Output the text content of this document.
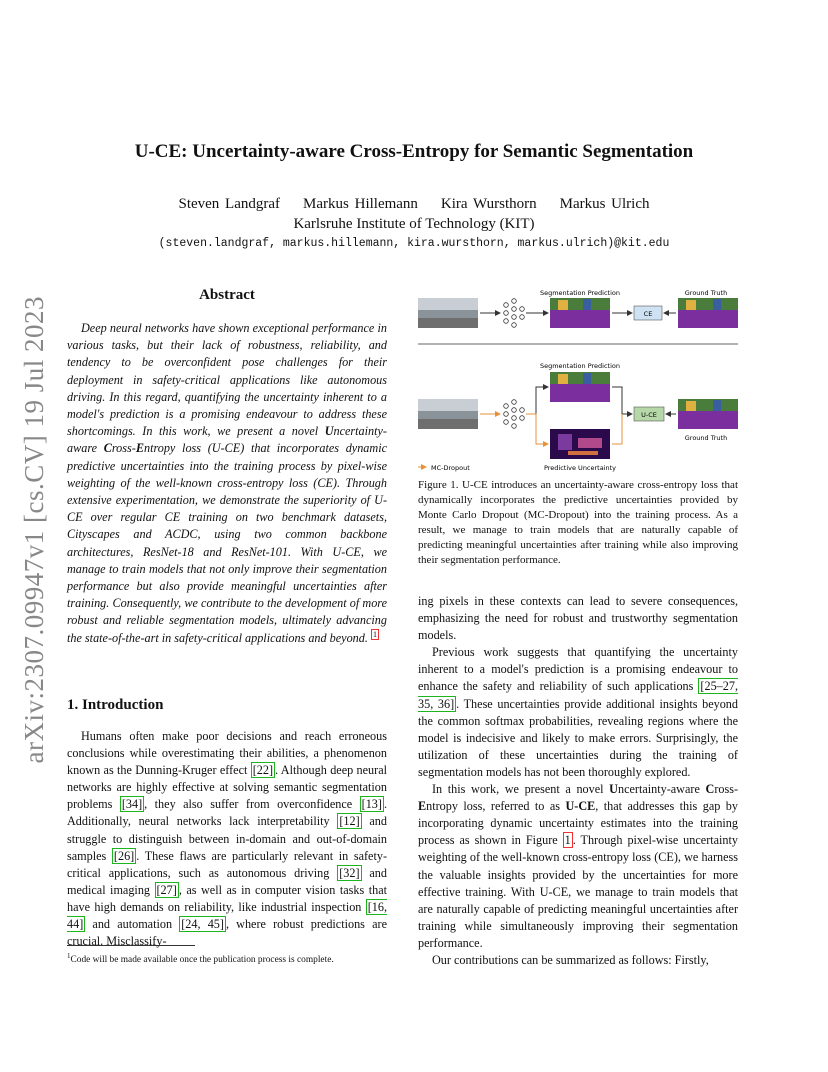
arXiv:2307.09947v1 [cs.CV] 19 Jul 2023
U-CE: Uncertainty-aware Cross-Entropy for Semantic Segmentation
Steven Landgraf    Markus Hillemann    Kira Wursthorn    Markus Ulrich
Karlsruhe Institute of Technology (KIT)
(steven.landgraf, markus.hillemann, kira.wursthorn, markus.ulrich)@kit.edu
Abstract
Deep neural networks have shown exceptional performance in various tasks, but their lack of robustness, reliability, and tendency to be overconfident pose challenges for their deployment in safety-critical applications like autonomous driving. In this regard, quantifying the uncertainty inherent to a model's prediction is a promising endeavour to address these shortcomings. In this work, we present a novel Uncertainty-aware Cross-Entropy loss (U-CE) that incorporates dynamic predictive uncertainties into the training process by pixel-wise weighting of the well-known cross-entropy loss (CE). Through extensive experimentation, we demonstrate the superiority of U-CE over regular CE training on two benchmark datasets, Cityscapes and ACDC, using two common backbone architectures, ResNet-18 and ResNet-101. With U-CE, we manage to train models that not only improve their segmentation performance but also provide meaningful uncertainties after training. Consequently, we contribute to the development of more robust and reliable segmentation models, ultimately advancing the state-of-the-art in safety-critical applications and beyond. $^1$
1. Introduction
Humans often make poor decisions and reach erroneous conclusions while overestimating their abilities, a phenomenon known as the Dunning-Kruger effect [22] . Although deep neural networks are highly effective at solving semantic segmentation problems [34] , they also suffer from overconfidence [13] . Additionally, neural networks lack interpretability [12] and struggle to distinguish between in-domain and out-of-domain samples [26] . These flaws are particularly relevant in safety-critical applications, such as autonomous driving [32] and medical imaging [27] , as well as in computer vision tasks that have high demands on reliability, like industrial inspection [16, 44] and automation [24, 45] , where robust predictions are crucial. Misclassify-
$^1$Code will be made available once the publication process is complete.
Segmentation Prediction	Ground Truth
CE
Segmentation Prediction
U-CE
Ground Truth
MC-Dropout	Predictive Uncertainty
Figure 1. U-CE introduces an uncertainty-aware cross-entropy loss that dynamically incorporates the predictive uncertainties provided by Monte Carlo Dropout (MC-Dropout) into the training process. As a result, we manage to train models that are naturally capable of predicting meaningful uncertainties after training while also improving their segmentation performance.

ing pixels in these contexts can lead to severe consequences, emphasizing the need for robust and trustworthy segmentation models.

Previous work suggests that quantifying the uncertainty inherent to a model's prediction is a promising endeavour to enhance the safety and reliability of such applications [25–27, 35, 36] . These uncertainties provide additional insights beyond the common softmax probabilities, revealing regions where the model is indecisive and likely to make errors. Surprisingly, the utilization of these uncertainties during the training of segmentation models has not been thoroughly explored.

In this work, we present a novel Uncertainty-aware Cross-Entropy loss, referred to as U-CE, that addresses this gap by incorporating dynamic uncertainty estimates into the training process as shown in Figure 1 . Through pixel-wise uncertainty weighting of the well-known cross-entropy loss (CE), we harness the valuable insights provided by the uncertainties for more effective training. With U-CE, we manage to train models that are naturally capable of predicting meaningful uncertainties after training while simultaneously improving their segmentation performance.

Our contributions can be summarized as follows: Firstly,
